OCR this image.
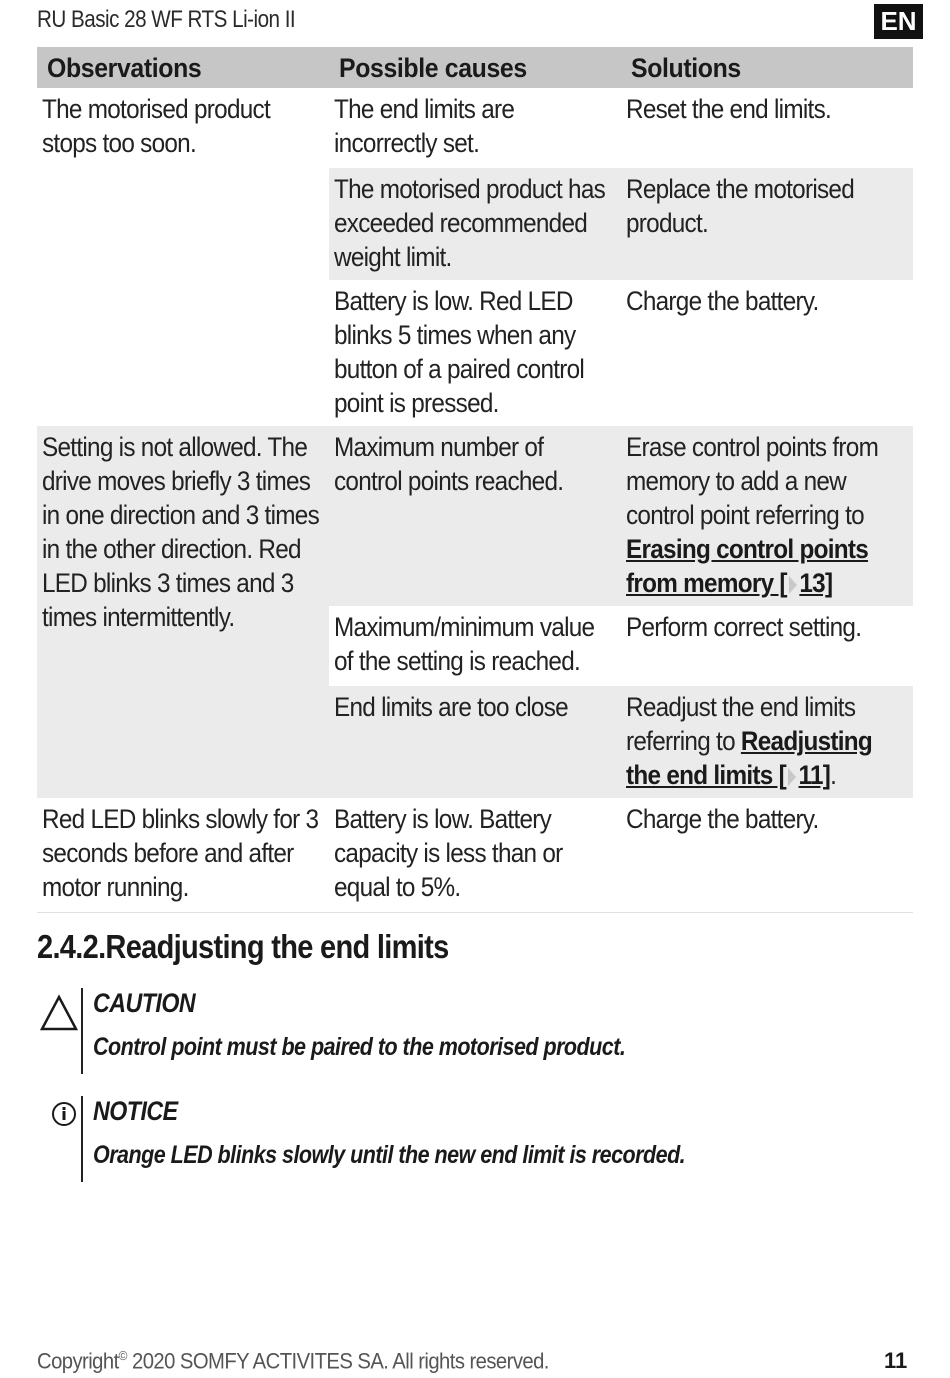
RU Basic 28 WF RTS Li-ion II	EN
Observations	Possible causes	Solutions

The motorised product stops too soon.	The end limits are incorrectly set.	Reset the end limits.

	The motorised product has exceeded recommended weight limit.	Replace the motorised product.

	Battery is low. Red LED blinks 5 times when any button of a paired control point is pressed.	Charge the battery.

Setting is not allowed. The drive moves briefly 3 times in one direction and 3 times in the other direction. Red LED blinks 3 times and 3 times intermittently.	Maximum number of control points reached.	Erase control points from memory to add a new control point referring to Erasing control points from memory [ 13]

	Maximum/minimum value of the setting is reached.	Perform correct setting.

	End limits are too close	Readjust the end limits referring to Readjusting the end limits [ 11].

Red LED blinks slowly for 3 seconds before and after motor running.	Battery is low. Battery capacity is less than or equal to 5%.	Charge the battery.
2.4.2.Readjusting the end limits
CAUTION
Control point must be paired to the motorised product.
NOTICE
Orange LED blinks slowly until the new end limit is recorded.
Copyright© 2020 SOMFY ACTIVITES SA. All rights reserved.	11
